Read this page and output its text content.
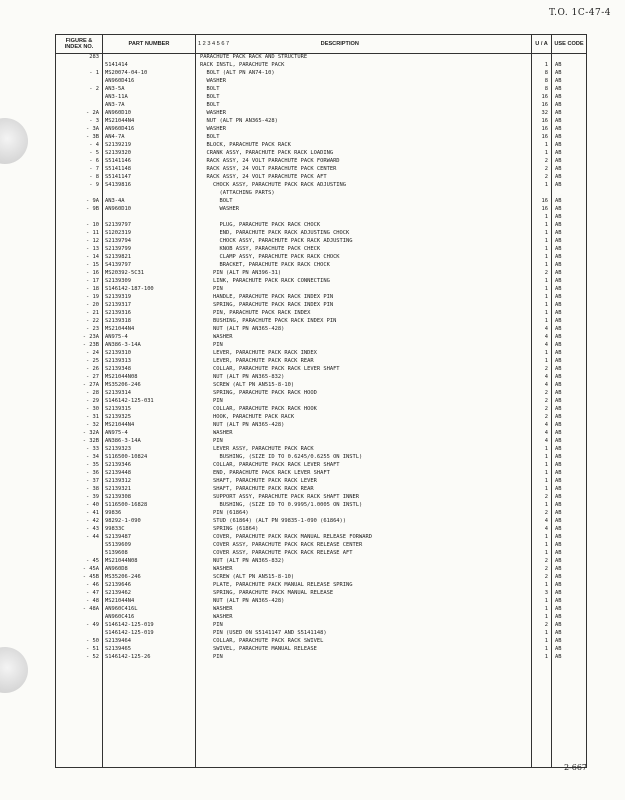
T.O. 1C-47-4
FIGURE & INDEX NO.	PART NUMBER	1 2 3 4 5 6 7 DESCRIPTION	U / A	USE CODE
283		PARACHUTE PACK RACK AND STRUCTURE		
	5141414	RACK INSTL, PARACHUTE PACK	1	AB
- 1	MS20074-04-10	BOLT (ALT PN AN74-10)	8	AB
	AN960D416	WASHER	8	AB
- 2	AN3-5A	BOLT	8	AB
	AN3-11A	BOLT	16	AB
	AN3-7A	BOLT	16	AB
- 2A	AN960D10	WASHER	32	AB
- 3	MS21044N4	NUT (ALT PN AN365-428)	16	AB
- 3A	AN960D416	WASHER	16	AB
- 3B	AN4-7A	BOLT	16	AB
- 4	S2139219	BLOCK, PARACHUTE PACK RACK	1	AB
- 5	S2139320	CRANK ASSY, PARACHUTE PACK RACK LOADING	1	AB
- 6	S5141146	RACK ASSY, 24 VOLT PARACHUTE PACK FORWARD	2	AB
- 7	S5141148	RACK ASSY, 24 VOLT PARACHUTE PACK CENTER	2	AB
- 8	S5141147	RACK ASSY, 24 VOLT PARACHUTE PACK AFT	2	AB
- 9	S4139816	CHOCK ASSY, PARACHUTE PACK RACK ADJUSTING	1	AB
		(ATTACHING PARTS)		
- 9A	AN3-4A	BOLT	16	AB
- 9B	AN960D10	WASHER	16	AB
			1	AB
- 10	S2139797	PLUG, PARACHUTE PACK RACK CHOCK	1	AB
- 11	S1202319	END, PARACHUTE PACK RACK ADJUSTING CHOCK	1	AB
- 12	S2139794	CHOCK ASSY, PARACHUTE PACK RACK ADJUSTING	1	AB
- 13	S2139799	KNOB ASSY, PARACHUTE PACK CHECK	1	AB
- 14	S2139821	CLAMP ASSY, PARACHUTE PACK RACK CHOCK	1	AB
- 15	S4139797	BRACKET, PARACHUTE PACK RACK CHOCK	1	AB
- 16	MS20392-5C31	PIN (ALT PN AN396-31)	2	AB
- 17	S2139309	LINK, PARACHUTE PACK RACK CONNECTING	1	AB
- 18	S146142-187-100	PIN	1	AB
- 19	S2139319	HANDLE, PARACHUTE PACK RACK INDEX PIN	1	AB
- 20	S2139317	SPRING, PARACHUTE PACK RACK INDEX PIN	1	AB
- 21	S2139316	PIN, PARACHUTE PACK RACK INDEX	1	AB
- 22	S2139318	BUSHING, PARACHUTE PACK RACK INDEX PIN	1	AB
- 23	MS21044N4	NUT (ALT PN AN365-428)	4	AB
- 23A	AN975-4	WASHER	4	AB
- 23B	AN386-3-14A	PIN	4	AB
- 24	S2139310	LEVER, PARACHUTE PACK RACK INDEX	1	AB
- 25	S2139313	LEVER, PARACHUTE PACK RACK REAR	1	AB
- 26	S2139348	COLLAR, PARACHUTE PACK RACK LEVER SHAFT	2	AB
- 27	MS21044N08	NUT (ALT PN AN365-832)	4	AB
- 27A	MS35206-246	SCREW (ALT PN AN515-8-10)	4	AB
- 28	S2139314	SPRING, PARACHUTE PACK RACK HOOD	2	AB
- 29	S146142-125-031	PIN	2	AB
- 30	S2139315	COLLAR, PARACHUTE PACK RACK HOOK	2	AB
- 31	S2139325	HOOK, PARACHUTE PACK RACK	2	AB
- 32	MS21044N4	NUT (ALT PN AN365-428)	4	AB
- 32A	AN975-4	WASHER	4	AB
- 32B	AN386-3-14A	PIN	4	AB
- 33	S2139323	LEVER ASSY, PARACHUTE PACK RACK	1	AB
- 34	S116500-10824	BUSHING, (SIZE ID TO 0.6245/0.6255 ON INSTL)	1	AB
- 35	S2139346	COLLAR, PARACHUTE PACK RACK LEVER SHAFT	1	AB
- 36	S2139448	END, PARACHUTE PACK RACK LEVER SHAFT	1	AB
- 37	S2139312	SHAFT, PARACHUTE PACK RACK LEVER	1	AB
- 38	S2139321	SHAFT, PARACHUTE PACK RACK REAR	1	AB
- 39	S2139308	SUPPORT ASSY, PARACHUTE PACK RACK SHAFT INNER	2	AB
- 40	S116500-16828	BUSHING, (SIZE ID TO 0.9995/1.0005 ON INSTL)	1	AB
- 41	99836	PIN (61864)	2	AB
- 42	98292-1-090	STUD (61864) (ALT PN 99835-1-090 (61864))	4	AB
- 43	99833C	SPRING (61864)	4	AB
- 44	S2139487	COVER, PARACHUTE PACK RACK MANUAL RELEASE FORWARD	1	AB
	S5139609	COVER ASSY, PARACHUTE PACK RACK RELEASE CENTER	1	AB
	5139608	COVER ASSY, PARACHUTE PACK RACK RELEASE AFT	1	AB
- 45	MS21044N08	NUT (ALT PN AN365-832)	2	AB
- 45A	AN960D8	WASHER	2	AB
- 45B	MS35206-246	SCREW (ALT PN AN515-8-10)	2	AB
- 46	S2139646	PLATE, PARACHUTE PACK MANUAL RELEASE SPRING	1	AB
- 47	S2139462	SPRING, PARACHUTE PACK MANUAL RELEASE	3	AB
- 48	MS21044N4	NUT (ALT PN AN365-428)	1	AB
- 48A	AN960C416L	WASHER	1	AB
	AN960C416	WASHER	1	AB
- 49	S146142-125-019	PIN	2	AB
	S146142-125-019	PIN (USED ON S5141147 AND S5141148)	1	AB
- 50	S2139464	COLLAR, PARACHUTE PACK RACK SWIVEL	1	AB
- 51	S2139465	SWIVEL, PARACHUTE MANUAL RELEASE	1	AB
- 52	S146142-125-26	PIN	1	AB

2-667
